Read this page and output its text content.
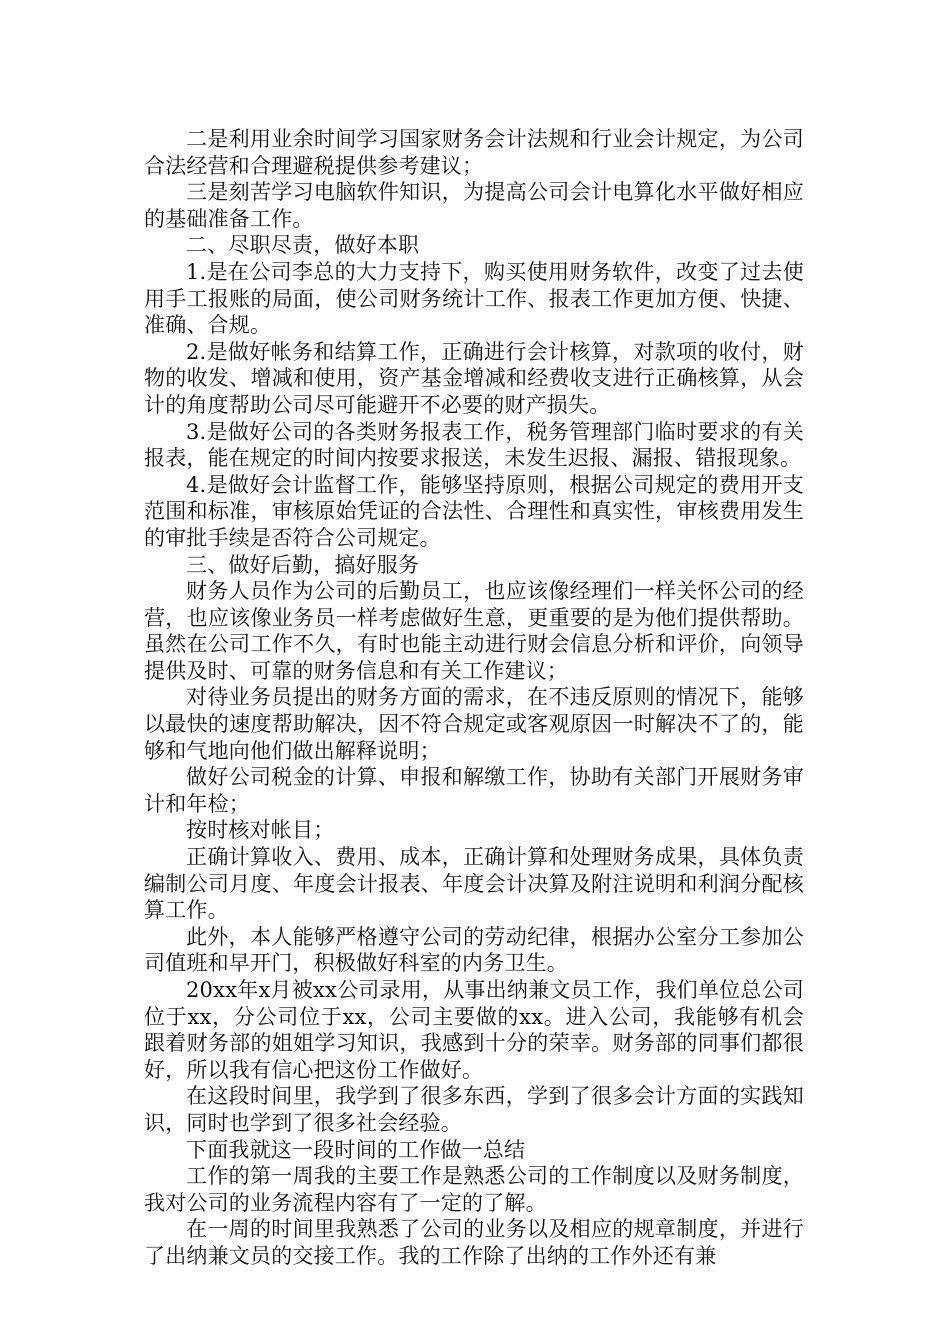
二是利用业余时间学习国家财务会计法规和行业会计规定，为公司合法经营和合理避税提供参考建议；

三是刻苦学习电脑软件知识，为提高公司会计电算化水平做好相应的基础准备工作。

二、尽职尽责，做好本职

1.是在公司李总的大力支持下，购买使用财务软件，改变了过去使用手工报账的局面，使公司财务统计工作、报表工作更加方便、快捷、准确、合规。

2.是做好帐务和结算工作，正确进行会计核算，对款项的收付，财物的收发、增减和使用，资产基金增减和经费收支进行正确核算，从会计的角度帮助公司尽可能避开不必要的财产损失。

3.是做好公司的各类财务报表工作，税务管理部门临时要求的有关报表，能在规定的时间内按要求报送，未发生迟报、漏报、错报现象。

4.是做好会计监督工作，能够坚持原则，根据公司规定的费用开支范围和标准，审核原始凭证的合法性、合理性和真实性，审核费用发生的审批手续是否符合公司规定。

三、做好后勤，搞好服务

财务人员作为公司的后勤员工，也应该像经理们一样关怀公司的经营，也应该像业务员一样考虑做好生意，更重要的是为他们提供帮助。虽然在公司工作不久，有时也能主动进行财会信息分析和评价，向领导提供及时、可靠的财务信息和有关工作建议；

对待业务员提出的财务方面的需求，在不违反原则的情况下，能够以最快的速度帮助解决，因不符合规定或客观原因一时解决不了的，能够和气地向他们做出解释说明；

做好公司税金的计算、申报和解缴工作，协助有关部门开展财务审计和年检；

按时核对帐目；

正确计算收入、费用、成本，正确计算和处理财务成果，具体负责编制公司月度、年度会计报表、年度会计决算及附注说明和利润分配核算工作。

此外，本人能够严格遵守公司的劳动纪律，根据办公室分工参加公司值班和早开门，积极做好科室的内务卫生。

20xx年x月被xx公司录用，从事出纳兼文员工作，我们单位总公司位于xx，分公司位于xx，公司主要做的xx。进入公司，我能够有机会跟着财务部的姐姐学习知识，我感到十分的荣幸。财务部的同事们都很好，所以我有信心把这份工作做好。

在这段时间里，我学到了很多东西，学到了很多会计方面的实践知识，同时也学到了很多社会经验。

下面我就这一段时间的工作做一总结

工作的第一周我的主要工作是熟悉公司的工作制度以及财务制度，我对公司的业务流程内容有了一定的了解。

在一周的时间里我熟悉了公司的业务以及相应的规章制度，并进行了出纳兼文员的交接工作。我的工作除了出纳的工作外还有兼
